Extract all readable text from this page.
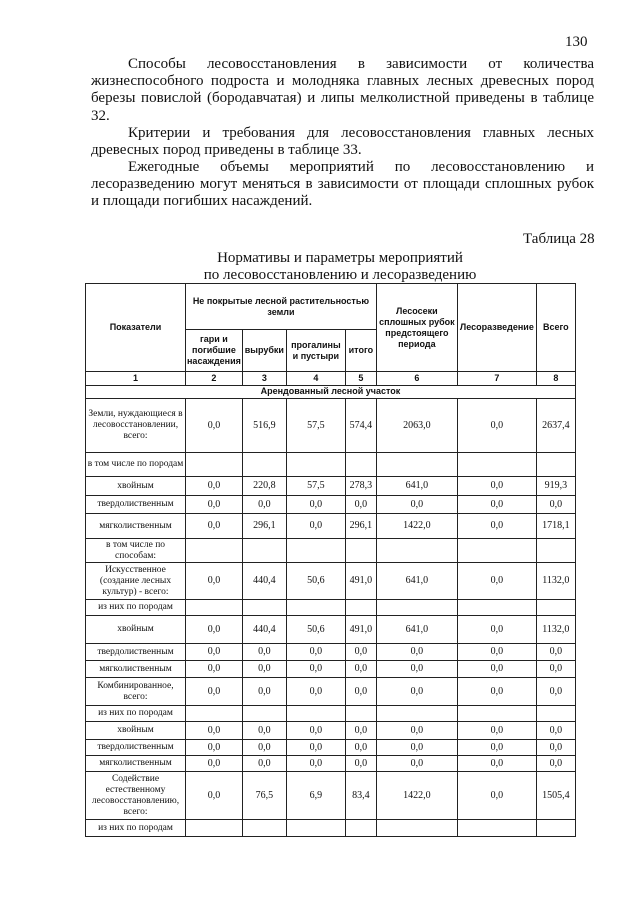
130
Способы лесовосстановления в зависимости от количества жизнеспособного подроста и молодняка главных лесных древесных пород березы повислой (бородавчатая) и липы мелколистной приведены в таблице 32.
Критерии и требования для лесовосстановления главных лесных древесных пород приведены в таблице 33.
Ежегодные объемы мероприятий по лесовосстановлению и лесоразведению могут меняться в зависимости от площади сплошных рубок и площади погибших насаждений.
Таблица 28
Нормативы и параметры мероприятий
по лесовосстановлению и лесоразведению
Показатели	Не покрытые лесной растительностью земли				Лесосеки сплошных рубок предстоящего периода	Лесоразведение	Всего
	гари и погибшие насаждения	вырубки	прогалины и пустыри	итого			
1	2	3	4	5	6	7	8
Арендованный лесной участок							
Земли, нуждающиеся в лесовосстановлении, всего:	0,0	516,9	57,5	574,4	2063,0	0,0	2637,4
в том числе по породам							
хвойным	0,0	220,8	57,5	278,3	641,0	0,0	919,3
твердолиственным	0,0	0,0	0,0	0,0	0,0	0,0	0,0
мягколиственным	0,0	296,1	0,0	296,1	1422,0	0,0	1718,1
в том числе по способам:							
Искусственное (создание лесных культур) - всего:	0,0	440,4	50,6	491,0	641,0	0,0	1132,0
из них по породам							
хвойным	0,0	440,4	50,6	491,0	641,0	0,0	1132,0
твердолиственным	0,0	0,0	0,0	0,0	0,0	0,0	0,0
мягколиственным	0,0	0,0	0,0	0,0	0,0	0,0	0,0
Комбинированное, всего:	0,0	0,0	0,0	0,0	0,0	0,0	0,0
из них по породам							
хвойным	0,0	0,0	0,0	0,0	0,0	0,0	0,0
твердолиственным	0,0	0,0	0,0	0,0	0,0	0,0	0,0
мягколиственным	0,0	0,0	0,0	0,0	0,0	0,0	0,0
Содействие естественному лесовосстановлению, всего:	0,0	76,5	6,9	83,4	1422,0	0,0	1505,4
из них по породам							
